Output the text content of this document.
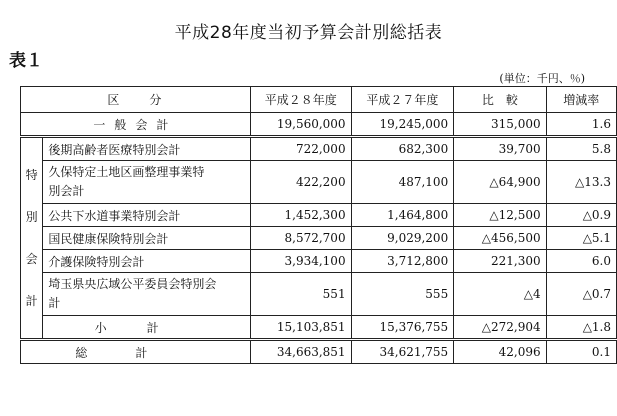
平成28年度当初予算会計別総括表
表１
(単位：千円、％)
区　　分		平成２８年度	平成２７年度	比　較	増減率
一般会計		19,560,000	19,245,000	315,000	1.6

特
別
会
計	後期高齢者医療特別会計	722,000	682,300	39,700	5.8
	久保特定土地区画整理事業特別会計	422,200	487,100	△64,900	△13.3
	公共下水道事業特別会計	1,452,300	1,464,800	△12,500	△0.9
	国民健康保険特別会計	8,572,700	9,029,200	△456,500	△5.1
	介護保険特別会計	3,934,100	3,712,800	221,300	6.0
	埼玉県央広域公平委員会特別会計	551	555	△4	△0.7
	小計	15,103,851	15,376,755	△272,904	△1.8
総計		34,663,851	34,621,755	42,096	0.1
